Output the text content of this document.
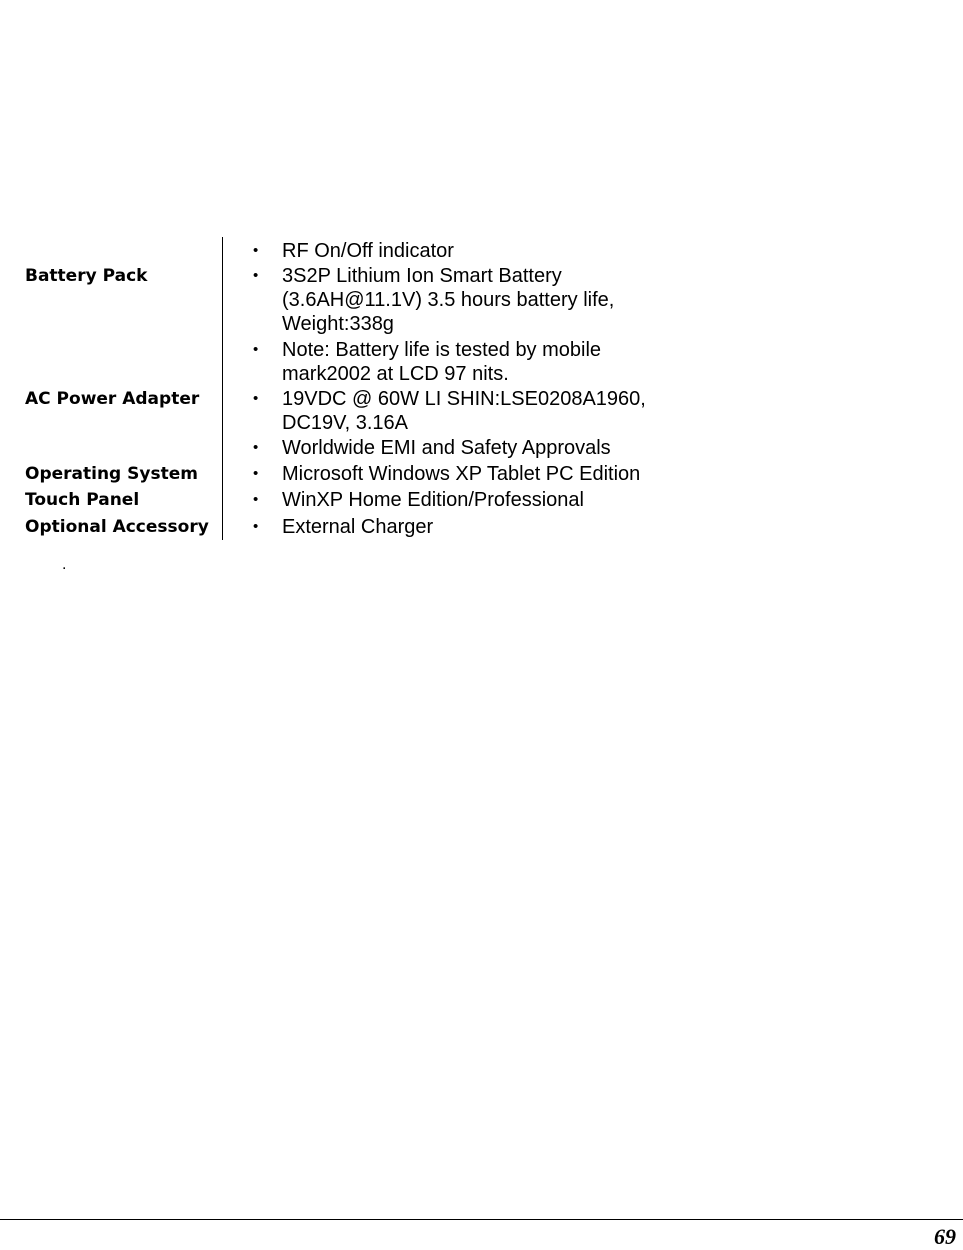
• RF On/Off indicator
Battery Pack	• 3S2P Lithium Ion Smart Battery
(3.6AH@11.1V) 3.5 hours battery life,
Weight:338g
• Note: Battery life is tested by mobile
mark2002 at LCD 97 nits.
AC Power Adapter	• 19VDC @ 60W LI SHIN:LSE0208A1960,
DC19V, 3.16A
• Worldwide EMI and Safety Approvals
Operating System	• Microsoft Windows XP Tablet PC Edition
Touch Panel	• WinXP Home Edition/Professional
Optional Accessory	• External Charger
.
69
